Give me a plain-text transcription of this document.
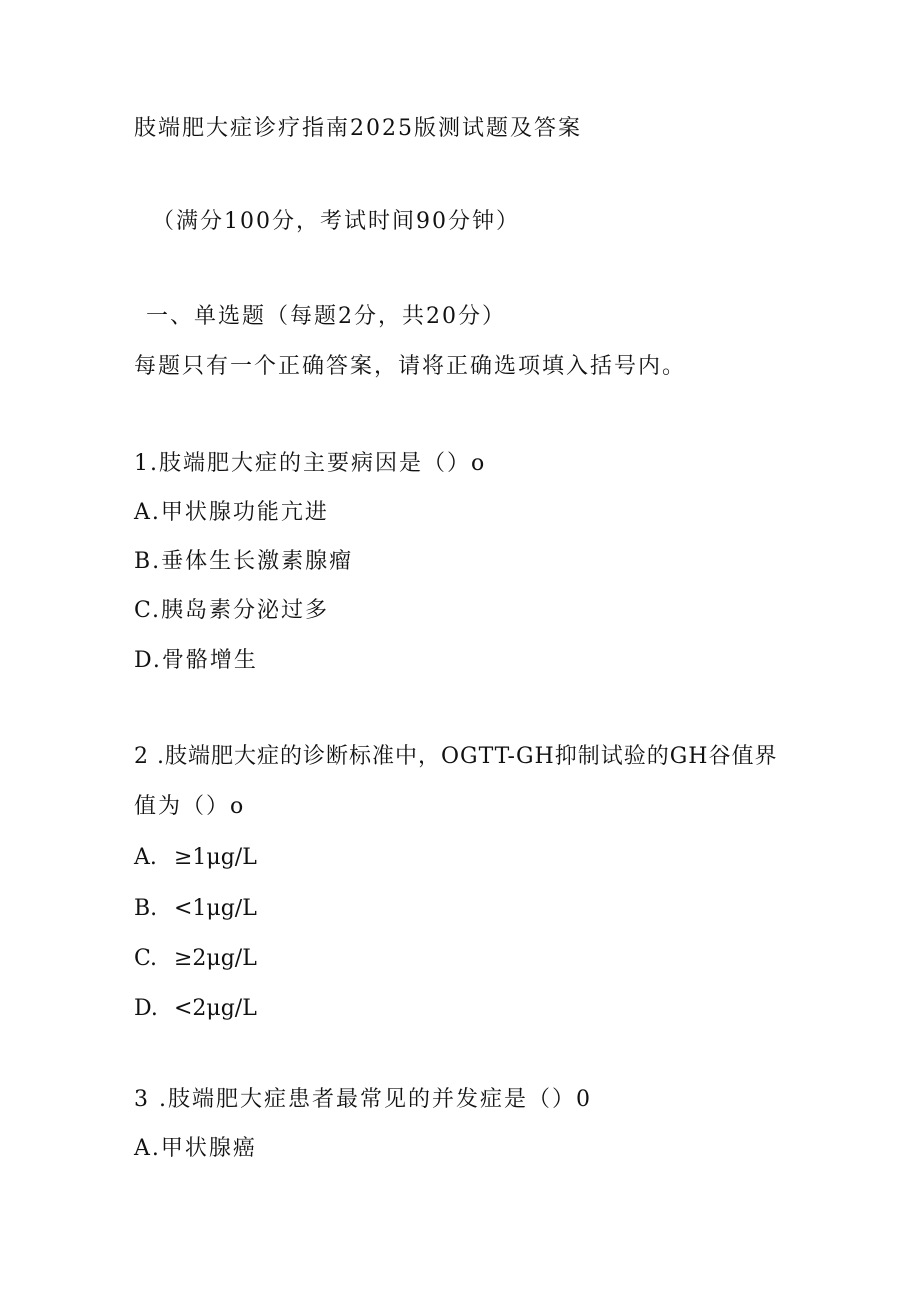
肢端肥大症诊疗指南2025版测试题及答案
（满分100分，考试时间90分钟）
一、单选题（每题2分，共20分）
每题只有一个正确答案，请将正确选项填入括号内。
1.肢端肥大症的主要病因是（）o
A.甲状腺功能亢进
B.垂体生长激素腺瘤
C.胰岛素分泌过多
D.骨骼增生
2 .肢端肥大症的诊断标准中，OGTT-GH抑制试验的GH谷值界
值为（）o
A. ≥1μg/L
B. <1μg∕L
C. ≥2μg/L
D. <2μg/L
3 .肢端肥大症患者最常见的并发症是（）0
A.甲状腺癌
